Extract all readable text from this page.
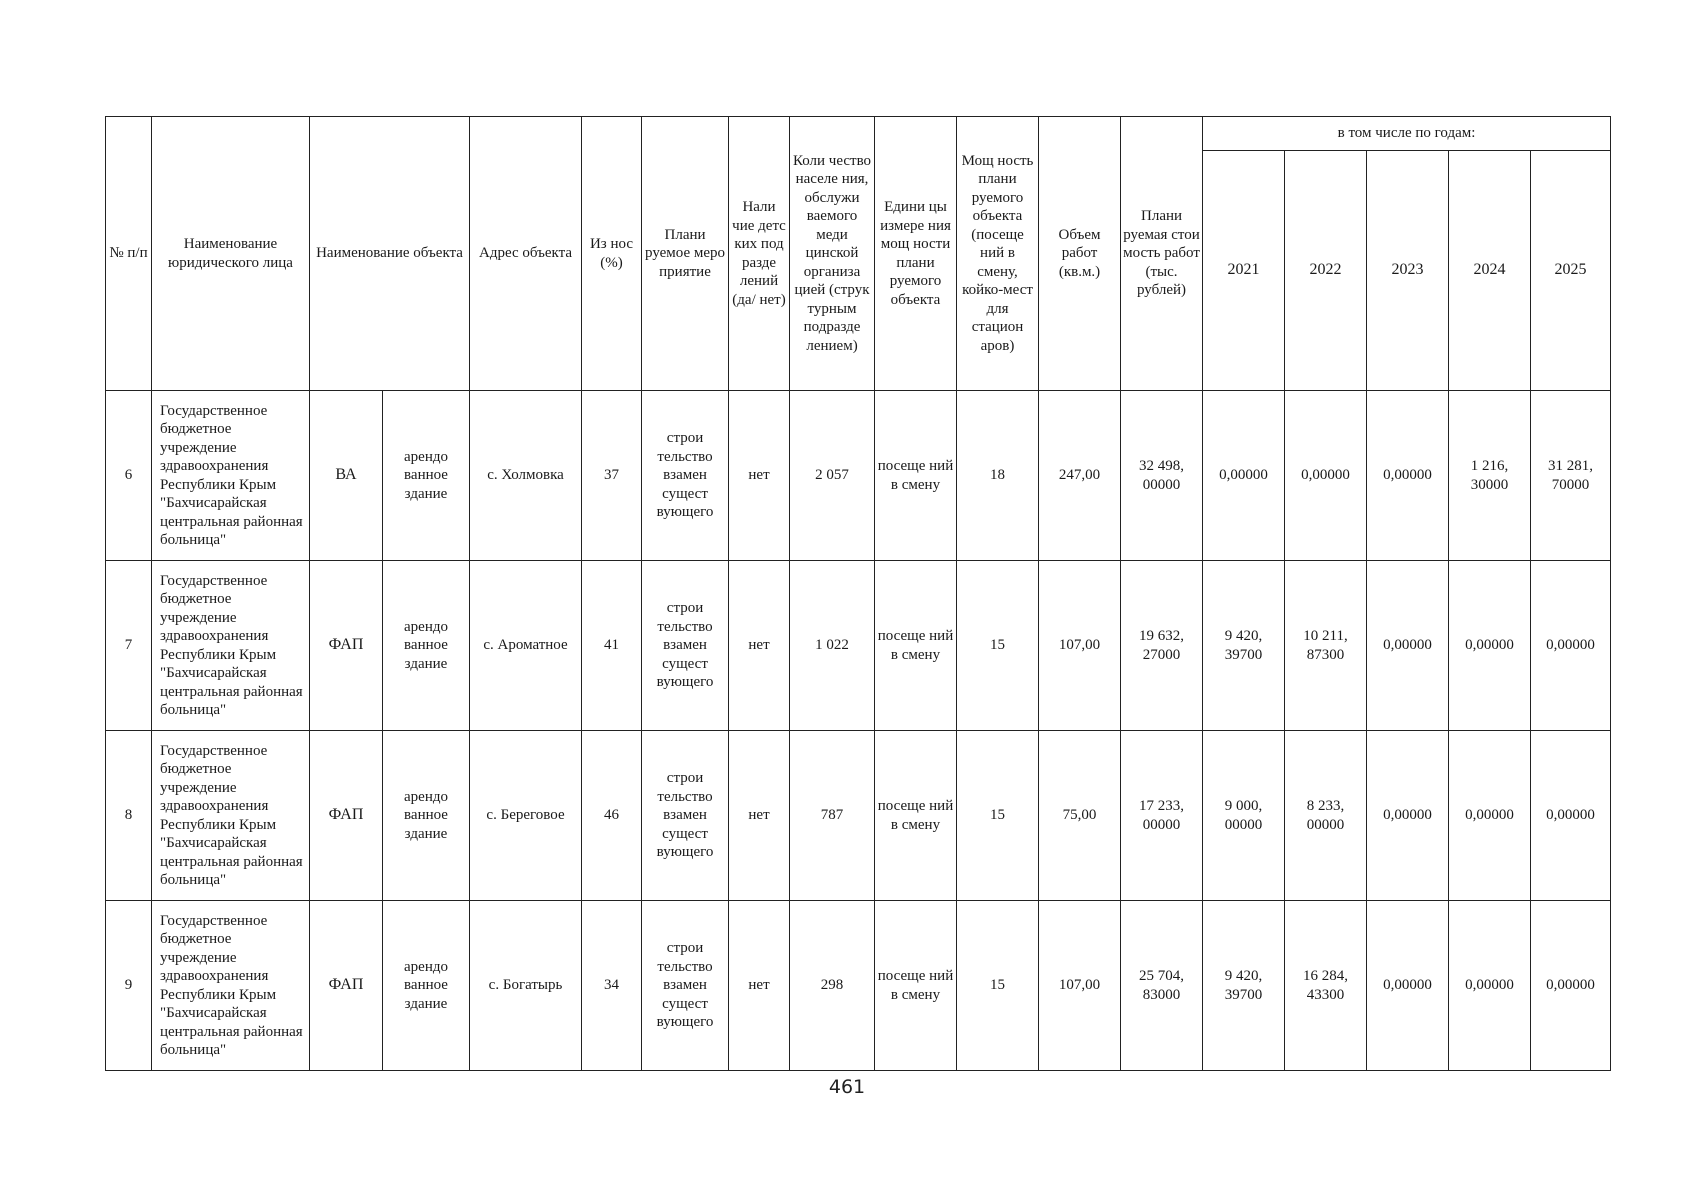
№ п/п	Наименование юридического лица	Наименование объекта		Адрес объекта	Из нос (%)	Плани руемое меро приятие	Нали чие детс ких под разде лений (да/ нет)	Коли чество населе ния, обслужи ваемого меди цинской организа цией (струк турным подразде лением)	Едини цы измере ния мощ ности плани руемого объекта	Мощ ность плани руемого объекта (посеще ний в смену, койко-мест для стацион аров)	Объем работ (кв.м.)	Плани руемая стои мость работ (тыс. рублей)	в том числе по годам:				
													2021	2022	2023	2024	2025
6	Государственное бюджетное учреждение здравоохранения Республики Крым "Бахчисарайская центральная районная больница"	ВА	арендо ванное здание	с. Холмовка	37	строи тельство взамен сущест вующего	нет	2 057	посеще ний в смену	18	247,00	32 498, 00000	0,00000	0,00000	0,00000	1 216, 30000	31 281, 70000
7	Государственное бюджетное учреждение здравоохранения Республики Крым "Бахчисарайская центральная районная больница"	ФАП	арендо ванное здание	с. Ароматное	41	строи тельство взамен сущест вующего	нет	1 022	посеще ний в смену	15	107,00	19 632, 27000	9 420, 39700	10 211, 87300	0,00000	0,00000	0,00000
8	Государственное бюджетное учреждение здравоохранения Республики Крым "Бахчисарайская центральная районная больница"	ФАП	арендо ванное здание	с. Береговое	46	строи тельство взамен сущест вующего	нет	787	посеще ний в смену	15	75,00	17 233, 00000	9 000, 00000	8 233, 00000	0,00000	0,00000	0,00000
9	Государственное бюджетное учреждение здравоохранения Республики Крым "Бахчисарайская центральная районная больница"	ФАП	арендо ванное здание	с. Богатырь	34	строи тельство взамен сущест вующего	нет	298	посеще ний в смену	15	107,00	25 704, 83000	9 420, 39700	16 284, 43300	0,00000	0,00000	0,00000
461
